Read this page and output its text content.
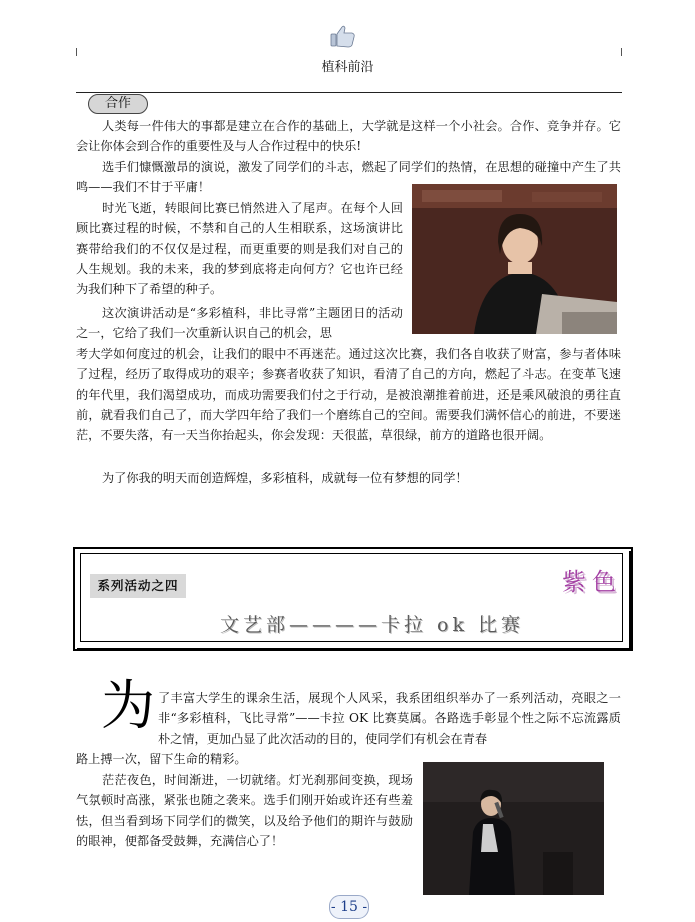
植科前沿
合作

人类每一件伟大的事都是建立在合作的基础上，大学就是这样一个小社会。合作、竞争并存。它会让你体会到合作的重要性及与人合作过程中的快乐!

选手们慷慨激昂的演说，激发了同学们的斗志，燃起了同学们的热情，在思想的碰撞中产生了共鸣——我们不甘于平庸！

时光飞逝，转眼间比赛已悄然进入了尾声。在每个人回顾比赛过程的时候，不禁和自己的人生相联系，这场演讲比赛带给我们的不仅仅是过程，而更重要的则是我们对自己的人生规划。我的未来，我的梦到底将走向何方？它也许已经为我们种下了希望的种子。

这次演讲活动是“多彩植科，非比寻常”主题团日的活动之一，它给了我们一次重新认识自己的机会，思

考大学如何度过的机会，让我们的眼中不再迷茫。通过这次比赛，我们各自收获了财富，参与者体味了过程，经历了取得成功的艰辛；参赛者收获了知识，看清了自己的方向，燃起了斗志。在变革飞速的年代里，我们渴望成功，而成功需要我们付之于行动，是被浪潮推着前进，还是乘风破浪的勇往直前，就看我们自己了，而大学四年给了我们一个磨练自己的空间。需要我们满怀信心的前进，不要迷茫，不要失落，有一天当你抬起头，你会发现：天很蓝，草很绿，前方的道路也很开阔。

为了你我的明天而创造辉煌，多彩植科，成就每一位有梦想的同学！

系列活动之四	紫色
文艺部————卡拉 ok 比赛
为 了丰富大学生的课余生活，展现个人风采，我系团组织举办了一系列活动，亮眼之一非“多彩植科，飞比寻常”——卡拉 OK 比赛莫属。各路选手彰显个性之际不忘流露质朴之情，更加凸显了此次活动的目的，使同学们有机会在青春

路上搏一次，留下生命的精彩。

茫茫夜色，时间渐进，一切就绪。灯光刹那间变换，现场气氛顿时高涨，紧张也随之袭来。选手们刚开始或许还有些羞怯，但当看到场下同学们的微笑，以及给予他们的期许与鼓励的眼神，便都备受鼓舞，充满信心了！

- 15 -
